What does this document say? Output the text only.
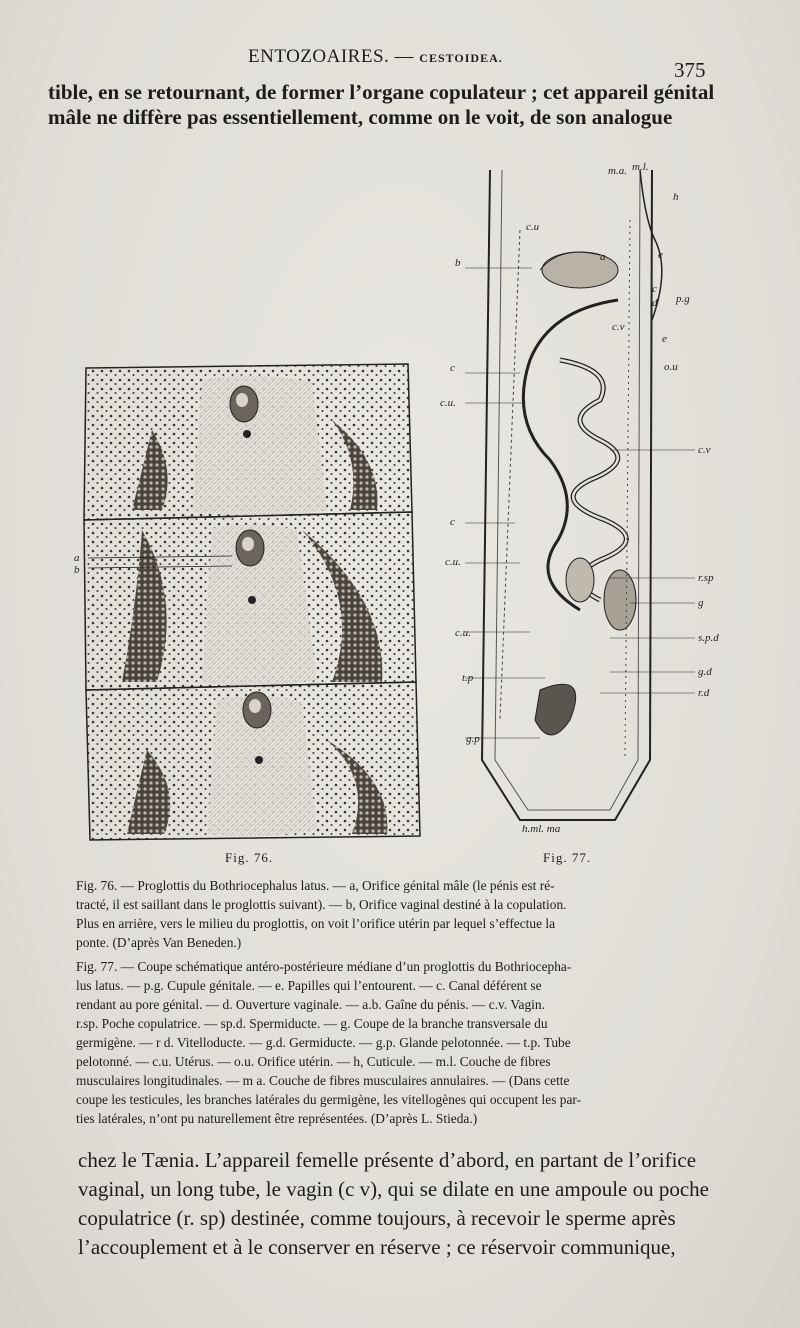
ENTOZOAIRES. — CESTOIDEA.	375

tible, en se retournant, de former l’organe copulateur ; cet appareil génital
mâle ne diffère pas essentiellement, comme on le voit, de son analogue

a
b
b
c
c.u.
c
c.u.
c.u.
t.p
g.p
c.u
a
m.a. m.l.
h
e
p.g
c
d
e
c.v
o.u
c.v
r.sp
g
s.p.d
g.d
r.d
h.ml. ma
Fig. 76.	Fig. 77.

Fig. 76. — Proglottis du Bothriocephalus latus. — a, Orifice génital mâle (le pénis est ré-
tracté, il est saillant dans le proglottis suivant). — b, Orifice vaginal destiné à la copulation.
Plus en arrière, vers le milieu du proglottis, on voit l’orifice utérin par lequel s’effectue la
ponte. (D’après Van Beneden.)

Fig. 77. — Coupe schématique antéro-postérieure médiane d’un proglottis du Bothriocepha-
lus latus. — p.g. Cupule génitale. — e. Papilles qui l’entourent. — c. Canal déférent se
rendant au pore génital. — d. Ouverture vaginale. — a.b. Gaîne du pénis. — c.v. Vagin.
r.sp. Poche copulatrice. — sp.d. Spermiducte. — g. Coupe de la branche transversale du
germigène. — r d. Vitelloducte. — g.d. Germiducte. — g.p. Glande pelotonnée. — t.p. Tube
pelotonné. — c.u. Utérus. — o.u. Orifice utérin. — h, Cuticule. — m.l. Couche de fibres
musculaires longitudinales. — m a. Couche de fibres musculaires annulaires. — (Dans cette
coupe les testicules, les branches latérales du germigène, les vitellogènes qui occupent les par-
ties latérales, n’ont pu naturellement être représentées. (D’après L. Stieda.)

chez le Tænia. L’appareil femelle présente d’abord, en partant de l’orifice
vaginal, un long tube, le vagin (c v), qui se dilate en une ampoule ou poche
copulatrice (r. sp) destinée, comme toujours, à recevoir le sperme après
l’accouplement et à le conserver en réserve ; ce réservoir communique,
